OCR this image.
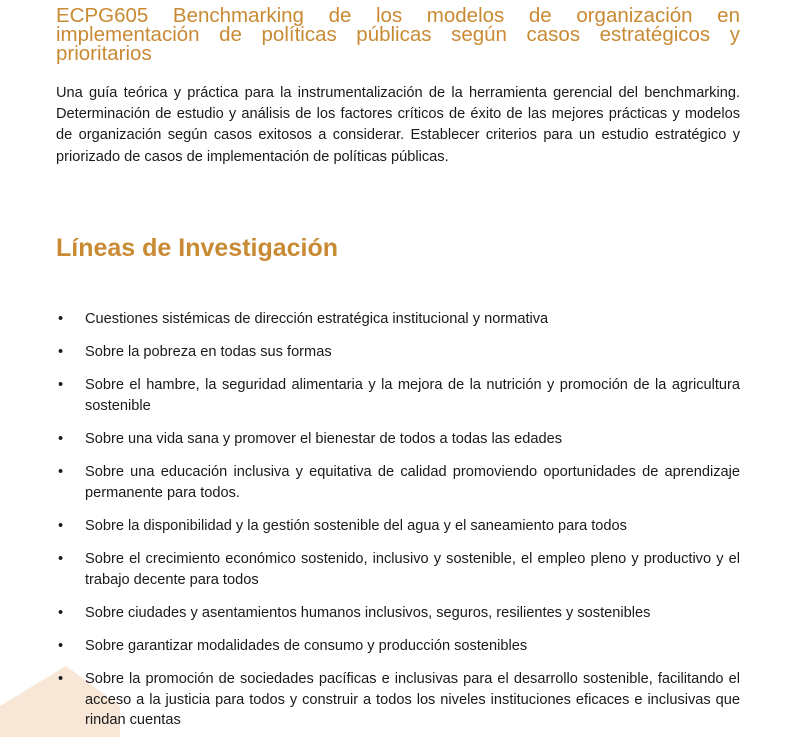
ECPG605 Benchmarking de los modelos de organización en implementación de políticas públicas según casos estratégicos y prioritarios

Una guía teórica y práctica para la instrumentalización de la herramienta gerencial del benchmarking. Determinación de estudio y análisis de los factores críticos de éxito de las mejores prácticas y modelos de organización según casos exitosos a considerar. Establecer criterios para un estudio estratégico y priorizado de casos de implementación de políticas públicas.

Líneas de Investigación
• Cuestiones sistémicas de dirección estratégica institucional y normativa
• Sobre la pobreza en todas sus formas
• Sobre el hambre, la seguridad alimentaria y la mejora de la nutrición y promoción de la agricultura sostenible
• Sobre una vida sana y promover el bienestar de todos a todas las edades
• Sobre una educación inclusiva y equitativa de calidad promoviendo oportunidades de aprendizaje permanente para todos.
• Sobre la disponibilidad y la gestión sostenible del agua y el saneamiento para todos
• Sobre el crecimiento económico sostenido, inclusivo y sostenible, el empleo pleno y productivo y el trabajo decente para todos
• Sobre ciudades y asentamientos humanos inclusivos, seguros, resilientes y sostenibles
• Sobre garantizar modalidades de consumo y producción sostenibles
• Sobre la promoción de sociedades pacíficas e inclusivas para el desarrollo sostenible, facilitando el acceso a la justicia para todos y construir a todos los niveles instituciones eficaces e inclusivas que rindan cuentas
